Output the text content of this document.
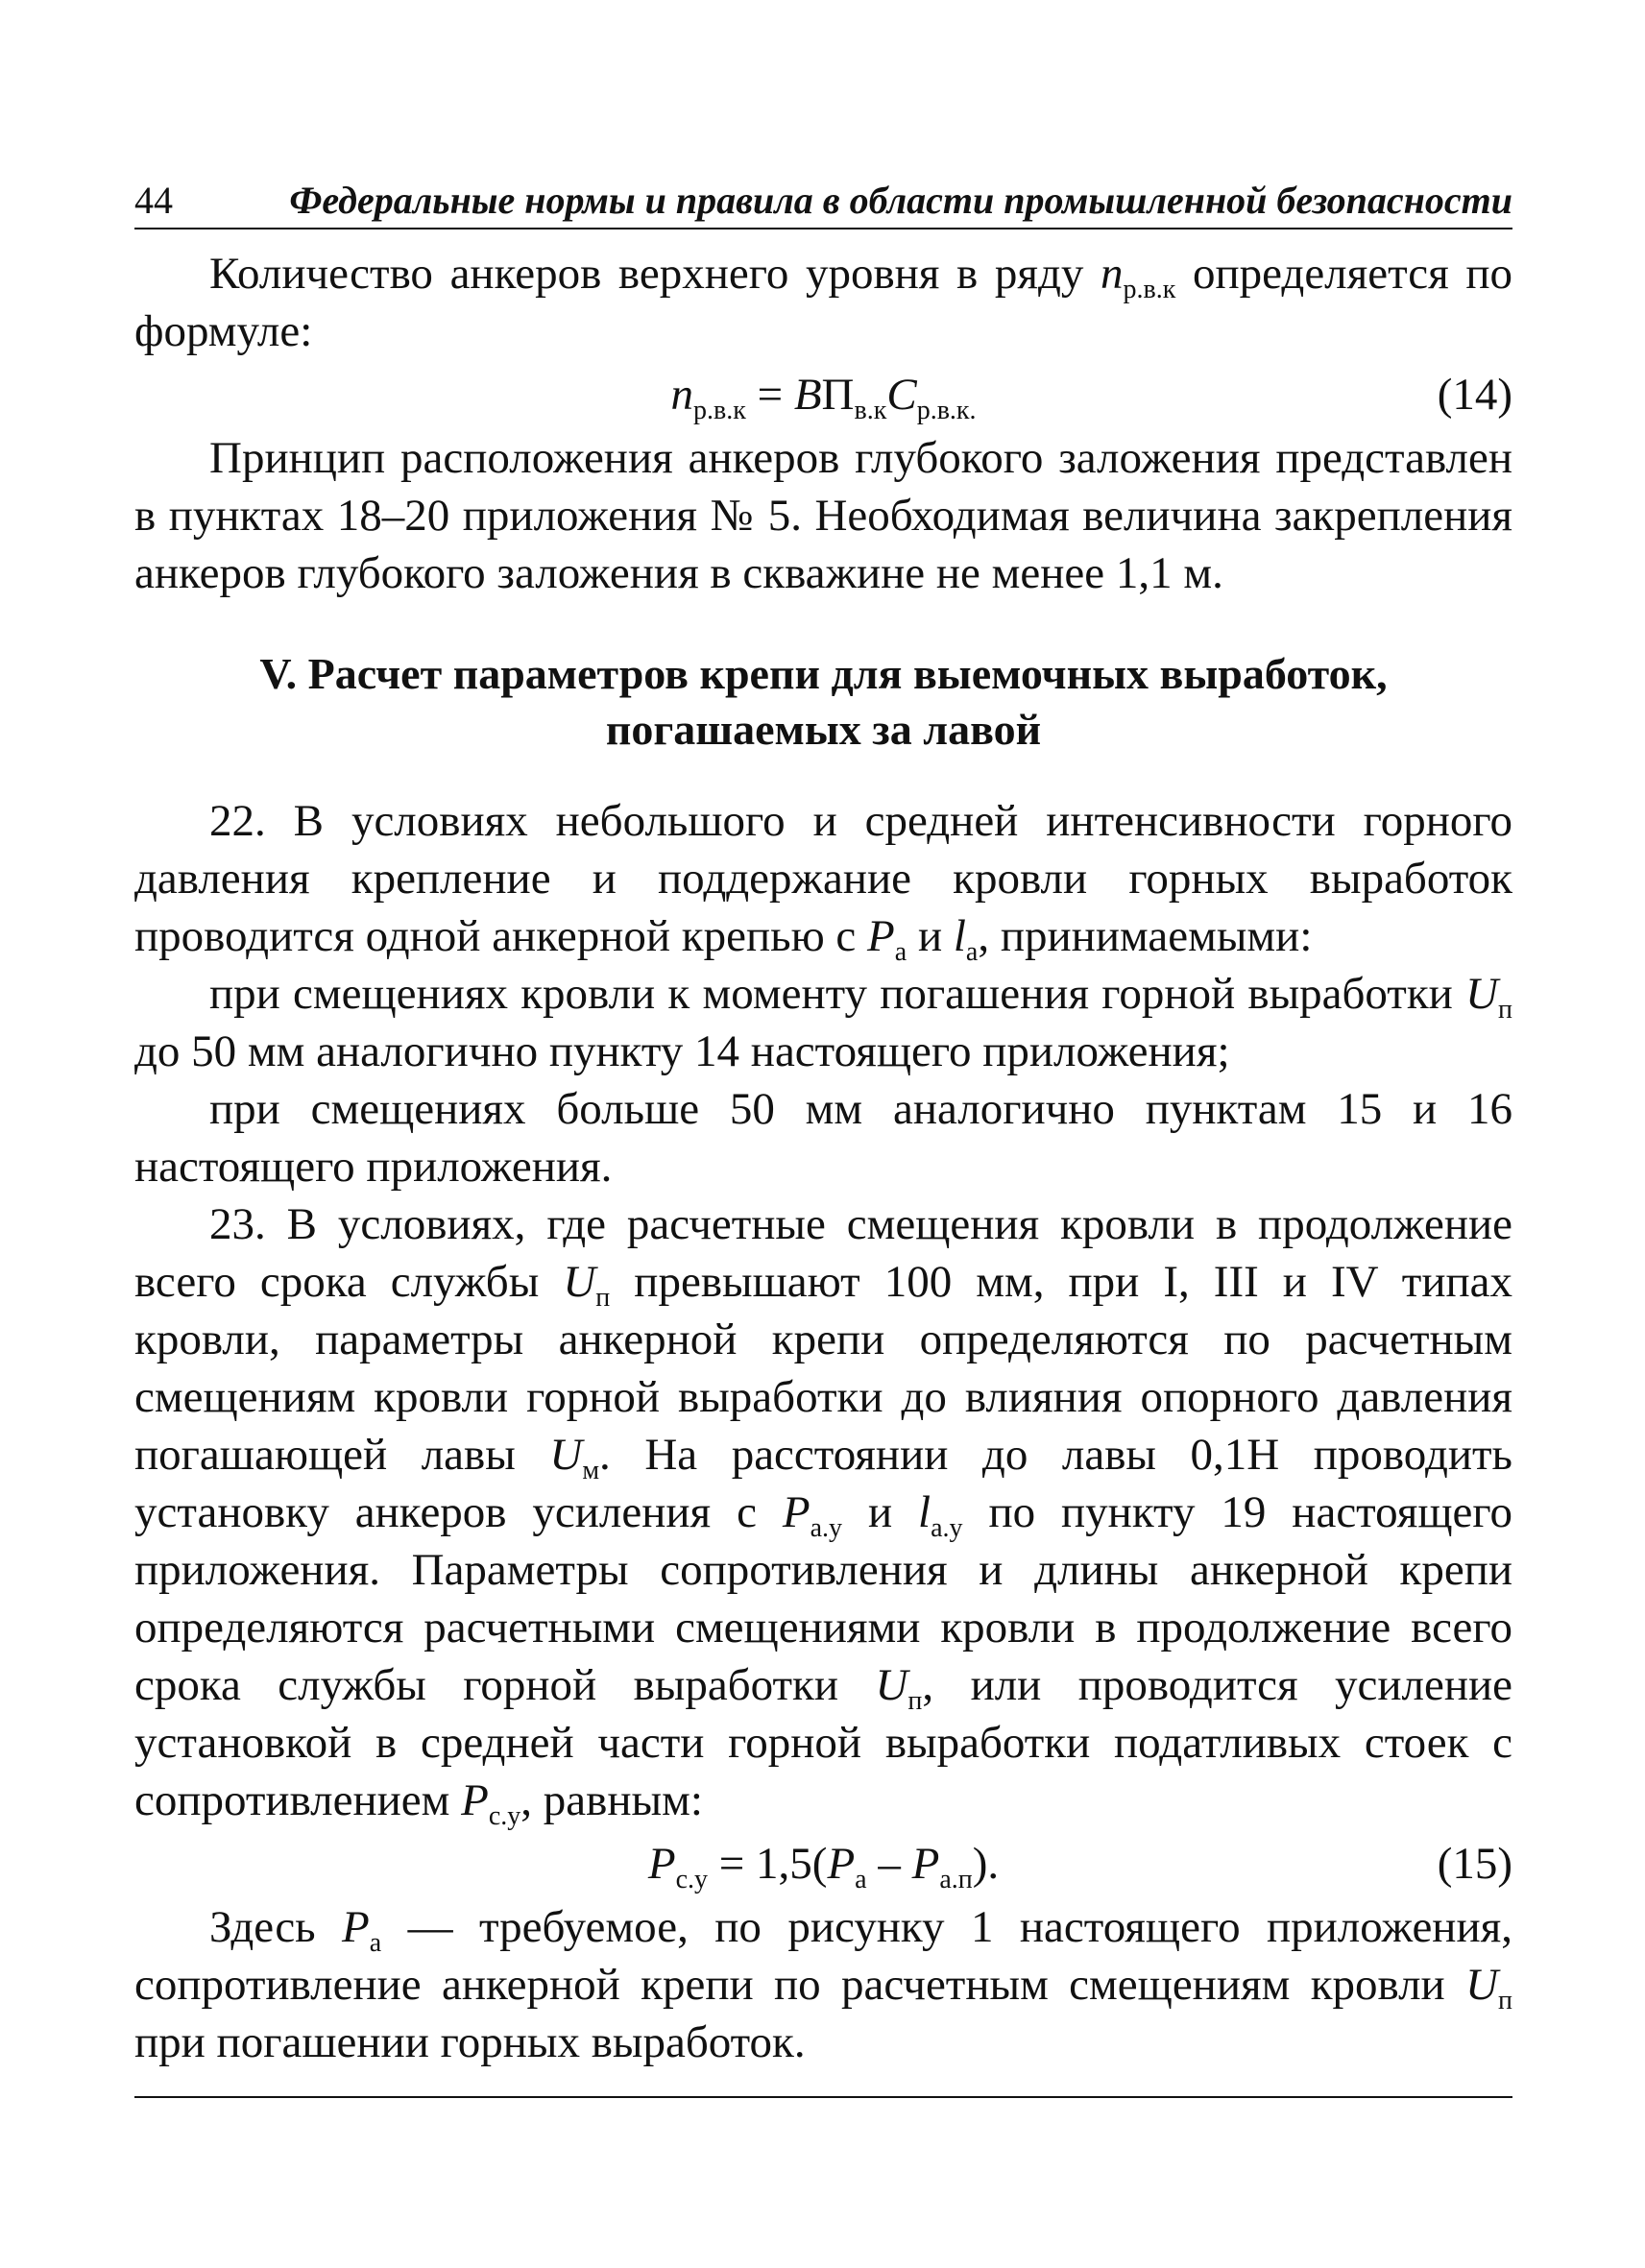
44	Федеральные нормы и правила в области промышленной безопасности

Количество анкеров верхнего уровня в ряду $n_{р.в.к}$ определяется по формуле:

$n_{р.в.к} = BП_{в.к}C_{р.в.к.}$	(14)

Принцип расположения анкеров глубокого заложения представлен в пунктах 18–20 приложения № 5. Необходимая величина закрепления анкеров глубокого заложения в скважине не менее 1,1 м.

V. Расчет параметров крепи для выемочных выработок,
погашаемых за лавой

22. В условиях небольшого и средней интенсивности горного давления крепление и поддержание кровли горных выработок проводится одной анкерной крепью с $P_а$ и $l_а$, принимаемыми:

при смещениях кровли к моменту погашения горной выработки $U_п$ до 50 мм аналогично пункту 14 настоящего приложения;

при смещениях больше 50 мм аналогично пунктам 15 и 16 настоящего приложения.

23. В условиях, где расчетные смещения кровли в продолжение всего срока службы $U_п$ превышают 100 мм, при I, III и IV типах кровли, параметры анкерной крепи определяются по расчетным смещениям кровли горной выработки до влияния опорного давления погашающей лавы $U_м$. На расстоянии до лавы 0,1H проводить установку анкеров усиления с $P_{а.у}$ и $l_{а.у}$ по пункту 19 настоящего приложения. Параметры сопротивления и длины анкерной крепи определяются расчетными смещениями кровли в продолжение всего срока службы горной выработки $U_п$, или проводится усиление установкой в средней части горной выработки податливых стоек с сопротивлением $P_{с.у}$, равным:

$P_{с.у} = 1,5(P_а - P_{а.п})$.	(15)

Здесь $P_а$ — требуемое, по рисунку 1 настоящего приложения, сопротивление анкерной крепи по расчетным смещениям кровли $U_п$ при погашении горных выработок.
